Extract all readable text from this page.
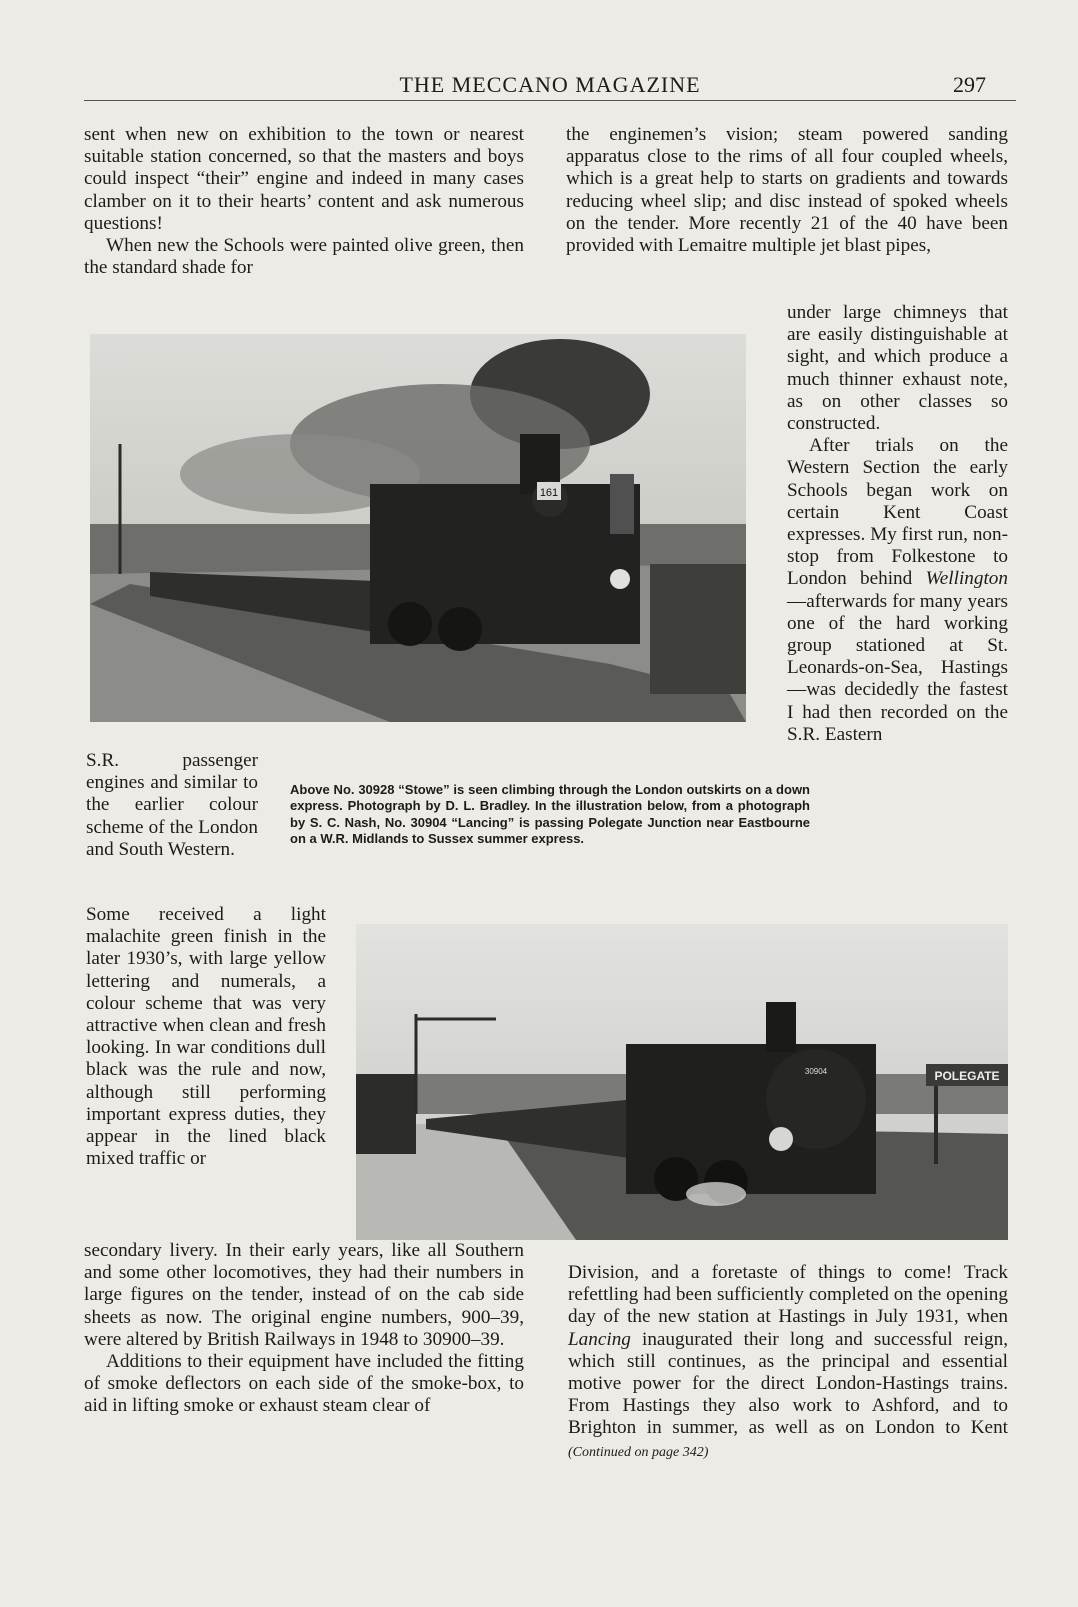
THE MECCANO MAGAZINE	297

sent when new on exhibition to the town or nearest suitable station concerned, so that the masters and boys could inspect “their” engine and indeed in many cases clamber on it to their hearts’ content and ask numerous questions!

When new the Schools were painted olive green, then the standard shade for

the enginemen’s vision; steam powered sanding apparatus close to the rims of all four coupled wheels, which is a great help to starts on gradients and towards reducing wheel slip; and disc instead of spoked wheels on the tender. More recently 21 of the 40 have been provided with Lemaitre multiple jet blast pipes,

under large chimneys that are easily distinguishable at sight, and which produce a much thinner exhaust note, as on other classes so constructed.

After trials on the Western Section the early Schools began work on certain Kent Coast expresses. My first run, non-stop from Folkestone to London behind Wellington—afterwards for many years one of the hard working group stationed at St. Leonards-on-Sea, Hastings—was decidedly the fastest I had then recorded on the S.R. Eastern

161

S.R. passenger engines and similar to the earlier colour scheme of the London and South Western.

Above No. 30928 “Stowe” is seen climbing through the London outskirts on a down express. Photograph by D. L. Bradley. In the illustration below, from a photograph by S. C. Nash, No. 30904 “Lancing” is passing Polegate Junction near Eastbourne on a W.R. Midlands to Sussex summer express.

Some received a light malachite green finish in the later 1930’s, with large yellow lettering and numerals, a colour scheme that was very attractive when clean and fresh looking. In war conditions dull black was the rule and now, although still performing important express duties, they appear in the lined black mixed traffic or

30904	POLEGATE

secondary livery. In their early years, like all Southern and some other locomotives, they had their numbers in large figures on the tender, instead of on the cab side sheets as now. The original engine numbers, 900–39, were altered by British Railways in 1948 to 30900–39.

Additions to their equipment have included the fitting of smoke deflectors on each side of the smoke-box, to aid in lifting smoke or exhaust steam clear of

Division, and a foretaste of things to come! Track refettling had been sufficiently completed on the opening day of the new station at Hastings in July 1931, when Lancing inaugurated their long and successful reign, which still continues, as the principal and essential motive power for the direct London-Hastings trains. From Hastings they also work to Ashford, and to Brighton in summer, as well as on London to Kent (Continued on page 342)
